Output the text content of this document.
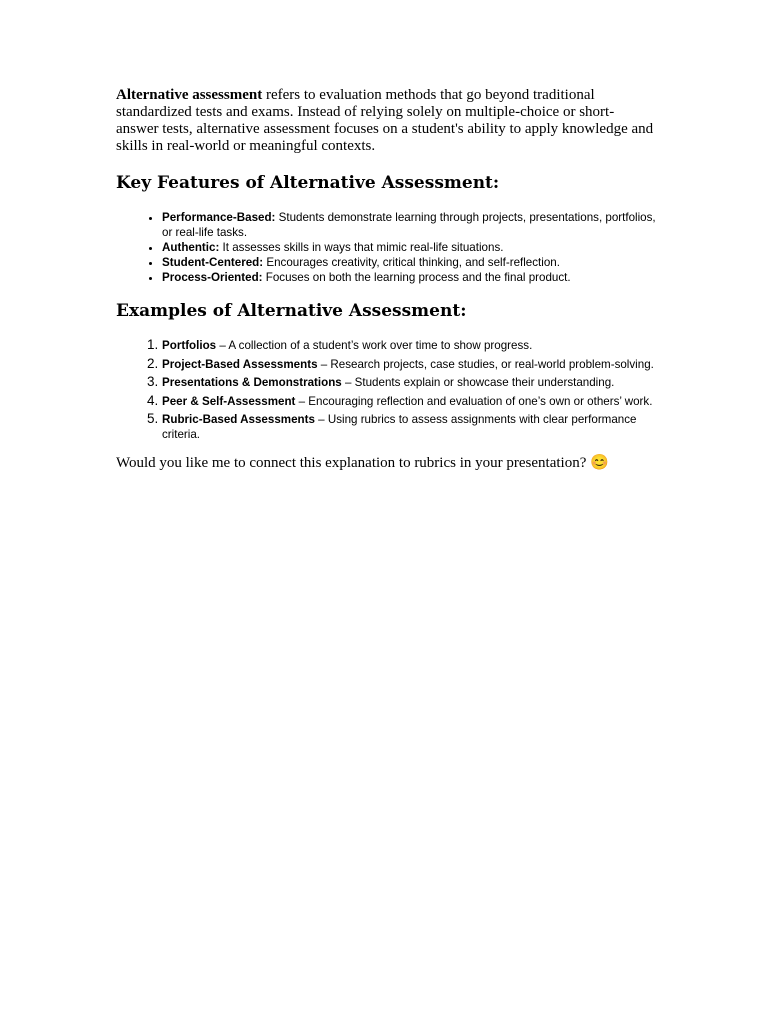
Alternative assessment refers to evaluation methods that go beyond traditional standardized tests and exams. Instead of relying solely on multiple-choice or short-answer tests, alternative assessment focuses on a student's ability to apply knowledge and skills in real-world or meaningful contexts.

Key Features of Alternative Assessment:
• Performance-Based: Students demonstrate learning through projects, presentations, portfolios, or real-life tasks.
• Authentic: It assesses skills in ways that mimic real-life situations.
• Student-Centered: Encourages creativity, critical thinking, and self-reflection.
• Process-Oriented: Focuses on both the learning process and the final product.
Examples of Alternative Assessment:
1. Portfolios – A collection of a student’s work over time to show progress.
2. Project-Based Assessments – Research projects, case studies, or real-world problem-solving.
3. Presentations & Demonstrations – Students explain or showcase their understanding.
4. Peer & Self-Assessment – Encouraging reflection and evaluation of one’s own or others’ work.
5. Rubric-Based Assessments – Using rubrics to assess assignments with clear performance criteria.

Would you like me to connect this explanation to rubrics in your presentation? 😊
